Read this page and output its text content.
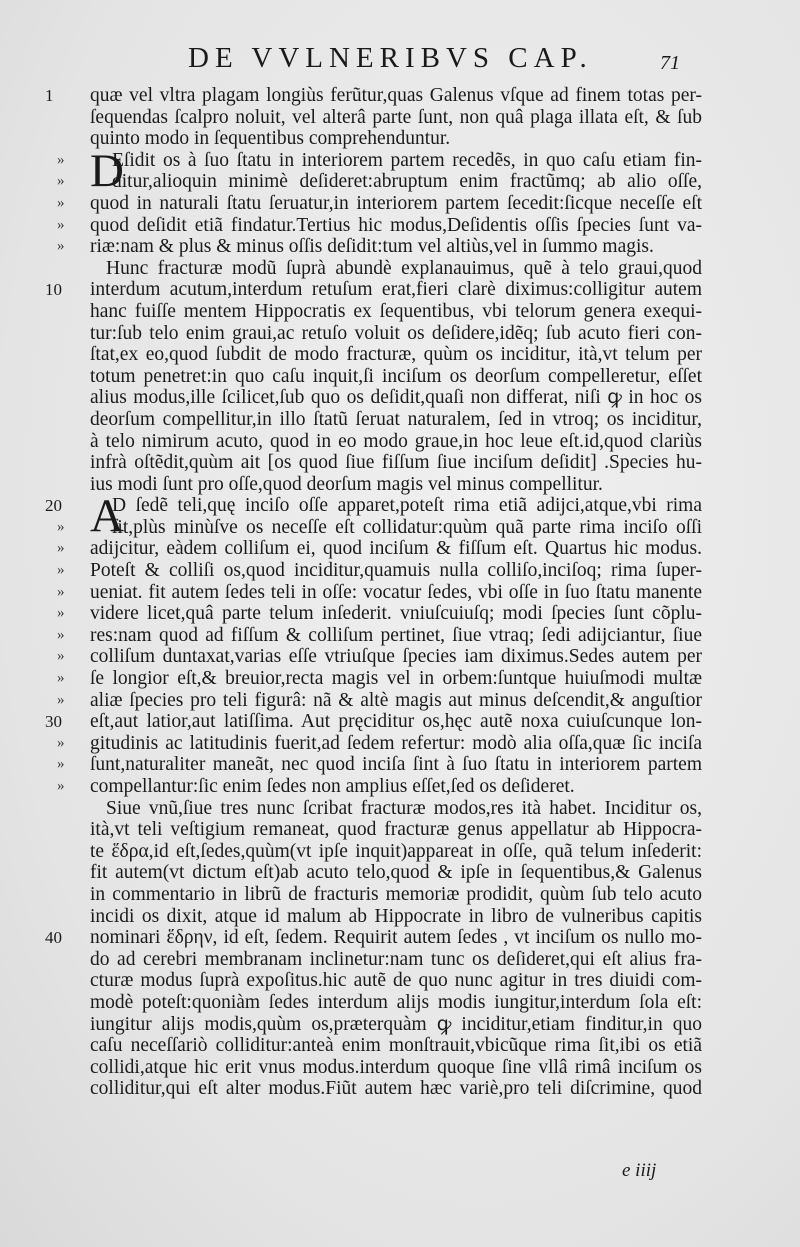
DE VVLNERIBVS CAP.	71
1	quæ vel vltra plagam longiùs ferũtur,quas Galenus vſque ad finem totas per-
ſequendas ſcalpro noluit, vel alterâ parte ſunt, non quâ plaga illata eſt, & ſub
quinto modo in ſequentibus comprehenduntur.
» D
Eſidit os à ſuo ſtatu in interiorem partem recedẽs, in quo caſu etiam fin-
» ditur,alioquin minimè deſideret:abruptum enim fractũmq; ab alio oſſe,
» quod in naturali ſtatu ſeruatur,in interiorem partem ſecedit:ſicque neceſſe eſt
» quod deſidit etiã findatur.Tertius hic modus,Deſidentis oſſis ſpecies ſunt va-
» riæ:nam & plus & minus oſſis deſidit:tum vel altiùs,vel in ſummo magis.
Hunc fracturæ modũ ſuprà abundè explanauimus, quẽ à telo graui,quod
10	interdum acutum,interdum retuſum erat,fieri clarè diximus:colligitur autem
hanc fuiſſe mentem Hippocratis ex ſequentibus, vbi telorum genera exequi-
tur:ſub telo enim graui,ac retuſo voluit os deſidere,idẽq; ſub acuto fieri con-
ſtat,ex eo,quod ſubdit de modo fracturæ, quùm os inciditur, ità,vt telum per
totum penetret:in quo caſu inquit,ſi inciſum os deorſum compelleretur, eſſet
alius modus,ille ſcilicet,ſub quo os deſidit,quaſi non differat, niſi ꝙ in hoc os
deorſum compellitur,in illo ſtatũ ſeruat naturalem, ſed in vtroq; os inciditur,
à telo nimirum acuto, quod in eo modo graue,in hoc leue eſt.id,quod clariùs
infrà oſtẽdit,quùm ait [os quod ſiue fiſſum ſiue inciſum deſidit] .Species hu-
ius modi ſunt pro oſſe,quod deorſum magis vel minus compellitur.
20 A
D ſedẽ teli,quę inciſo oſſe apparet,poteſt rima etiã adijci,atque,vbi rima
» ſit,plùs minùſve os neceſſe eſt collidatur:quùm quã parte rima inciſo oſſi
» adijcitur, eàdem colliſum ei, quod inciſum & fiſſum eſt. Quartus hic modus.
» Poteſt & colliſi os,quod inciditur,quamuis nulla colliſo,inciſoq; rima ſuper-
» ueniat. fit autem ſedes teli in oſſe: vocatur ſedes, vbi oſſe in ſuo ſtatu manente
» videre licet,quâ parte telum inſederit. vniuſcuiuſq; modi ſpecies ſunt cõplu-
» res:nam quod ad fiſſum & colliſum pertinet, ſiue vtraq; ſedi adijciantur, ſiue
» colliſum duntaxat,varias eſſe vtriuſque ſpecies iam diximus.Sedes autem per
» ſe longior eſt,& breuior,recta magis vel in orbem:ſuntque huiuſmodi multæ
» aliæ ſpecies pro teli figurâ: nã & altè magis aut minus deſcendit,& anguſtior
30	eſt,aut latior,aut latiſſima. Aut pręciditur os,hęc autẽ noxa cuiuſcunque lon-
» gitudinis ac latitudinis fuerit,ad ſedem refertur: modò alia oſſa,quæ ſic inciſa
» ſunt,naturaliter maneãt, nec quod inciſa ſint à ſuo ſtatu in interiorem partem
» compellantur:ſic enim ſedes non amplius eſſet,ſed os deſideret.
Siue vnũ,ſiue tres nunc ſcribat fracturæ modos,res ità habet. Inciditur os,
ità,vt teli veſtigium remaneat, quod fracturæ genus appellatur ab Hippocra-
te ἕδρα,id eſt,ſedes,quùm(vt ipſe inquit)appareat in oſſe, quã telum inſederit:
fit autem(vt dictum eſt)ab acuto telo,quod & ipſe in ſequentibus,& Galenus
in commentario in librũ de fracturis memoriæ prodidit, quùm ſub telo acuto
incidi os dixit, atque id malum ab Hippocrate in libro de vulneribus capitis
40	nominari ἕδρην, id eſt, ſedem. Requirit autem ſedes , vt inciſum os nullo mo-
do ad cerebri membranam inclinetur:nam tunc os deſideret,qui eſt alius fra-
cturæ modus ſuprà expoſitus.hic autẽ de quo nunc agitur in tres diuidi com-
modè poteſt:quoniàm ſedes interdum alijs modis iungitur,interdum ſola eſt:
iungitur alijs modis,quùm os,præterquàm ꝙ inciditur,etiam finditur,in quo
caſu neceſſariò colliditur:anteà enim monſtrauit,vbicũque rima ſit,ibi os etiã
collidi,atque hic erit vnus modus.interdum quoque ſine vllâ rimâ inciſum os
colliditur,qui eſt alter modus.Fiũt autem hæc variè,pro teli diſcrimine, quod
e iiij
